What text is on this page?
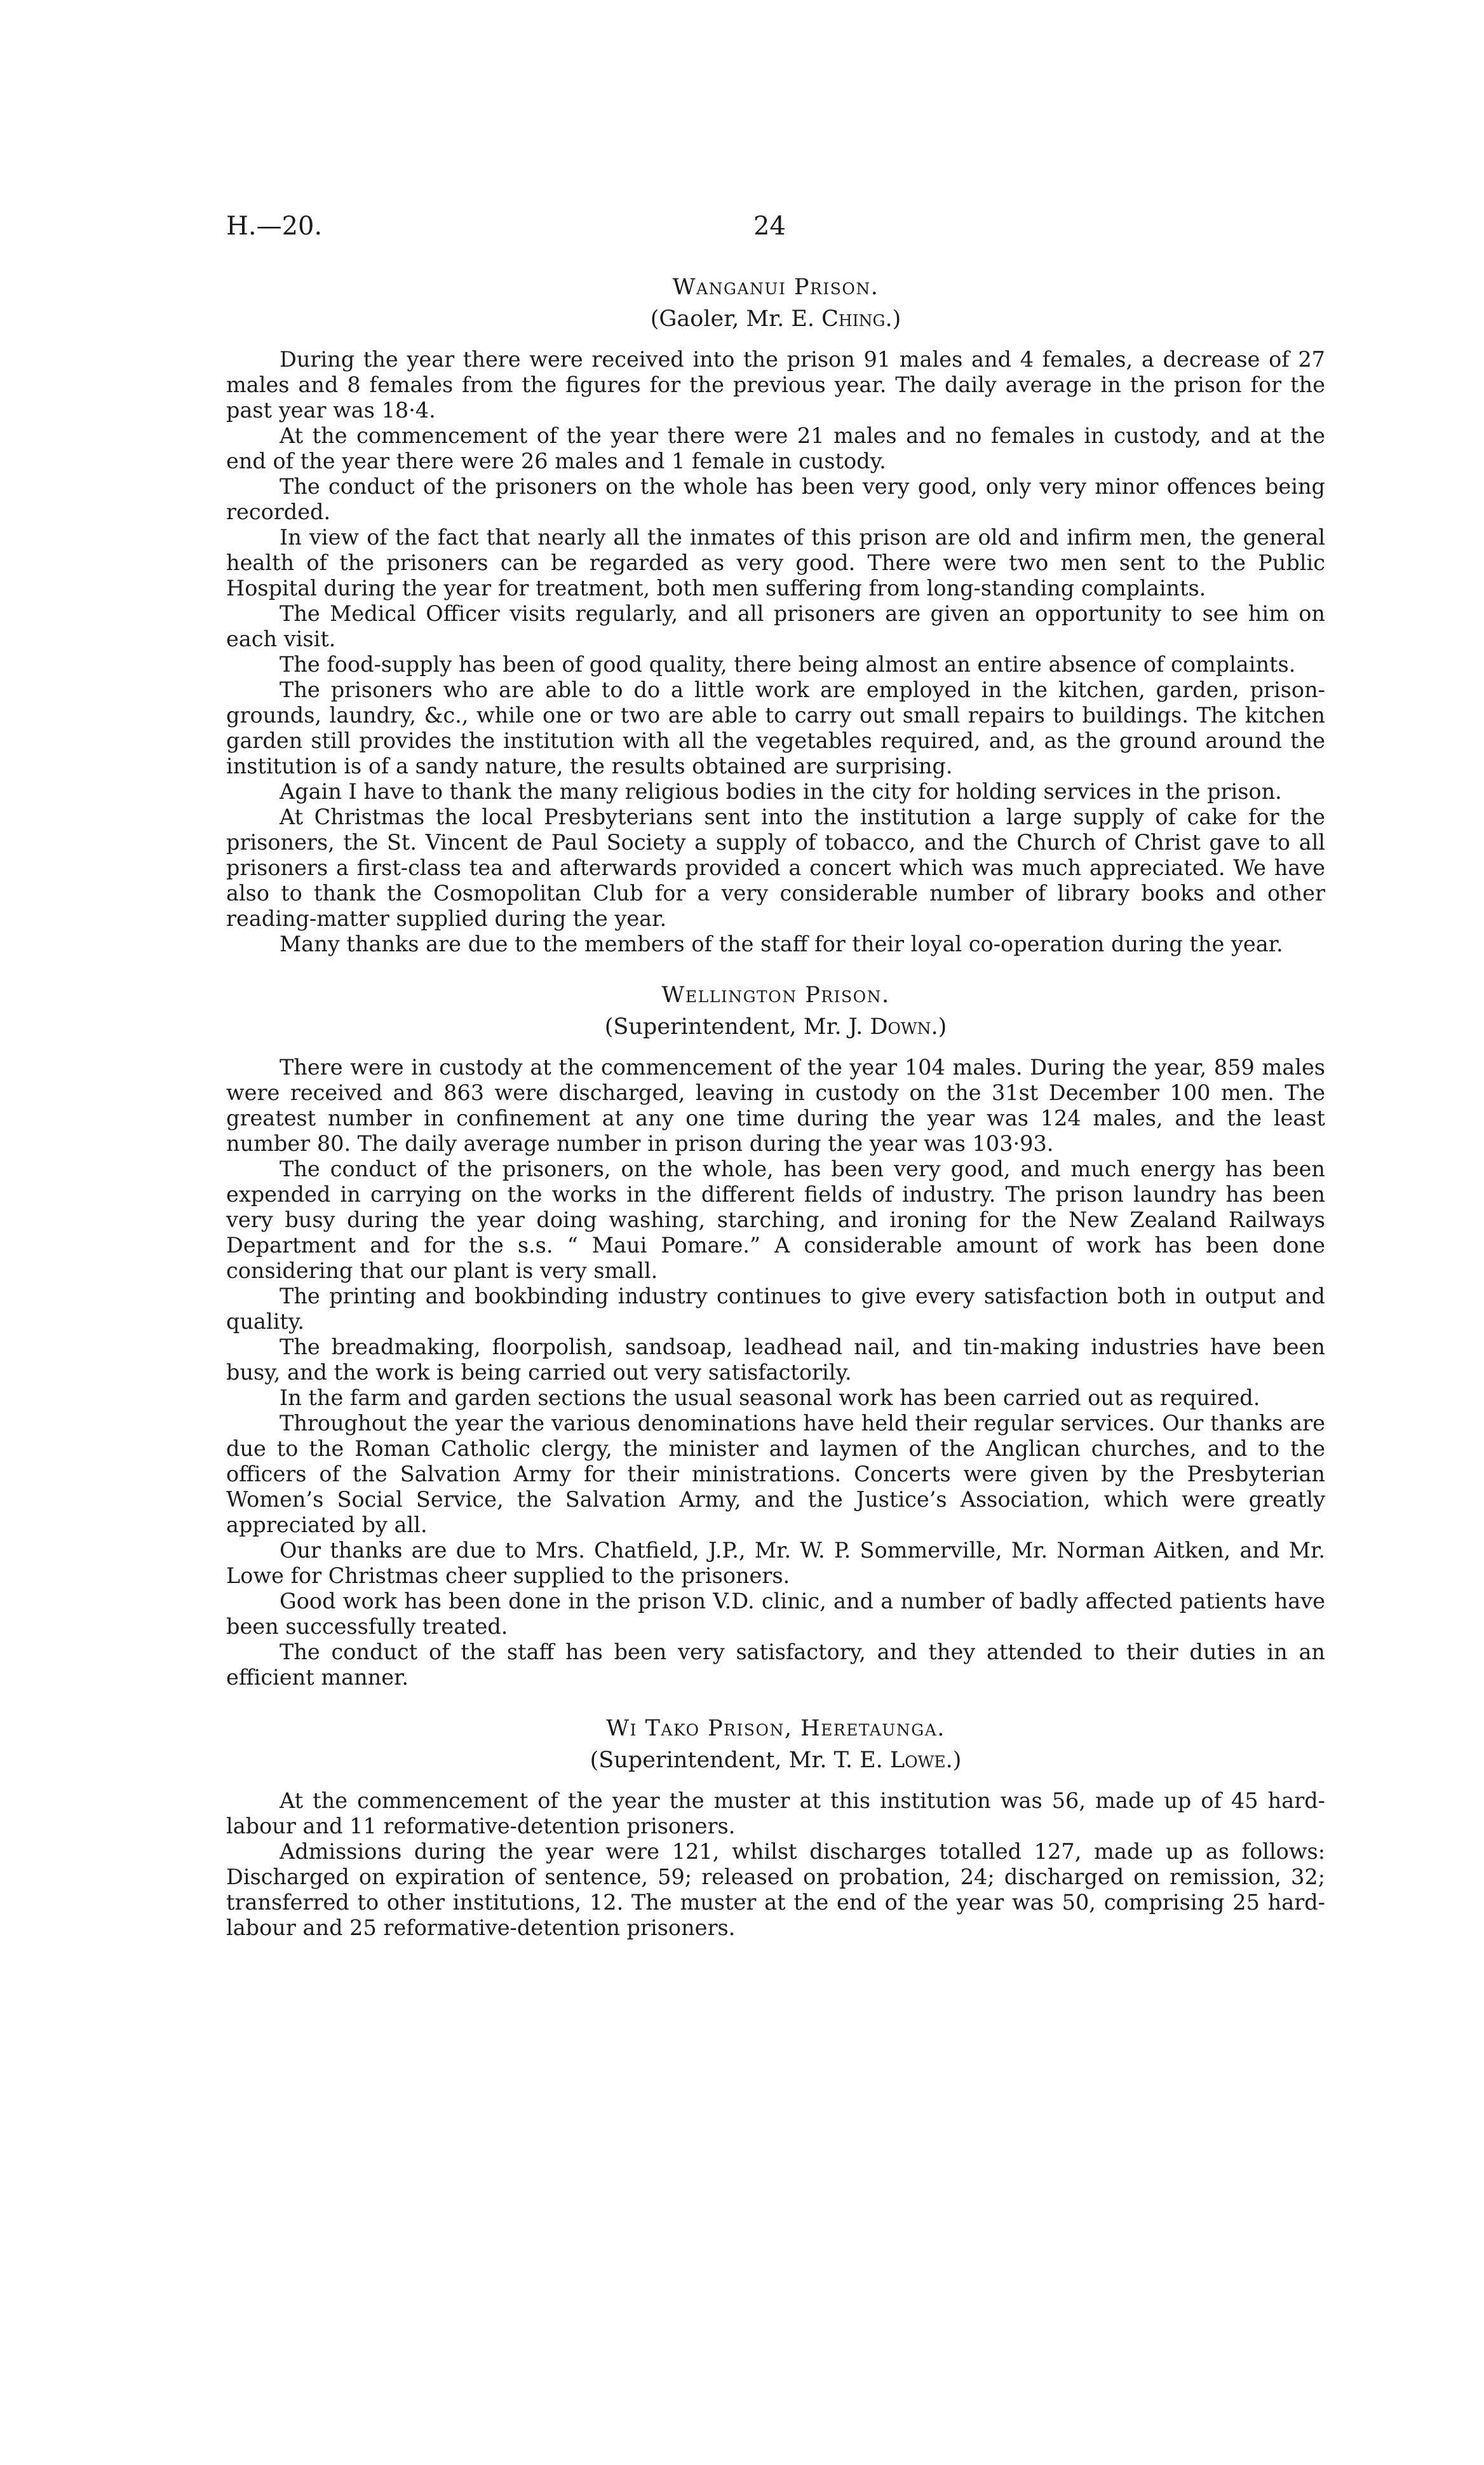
H.—20.	24

Wanganui Prison.

(Gaoler, Mr. E. Ching.)

During the year there were received into the prison 91 males and 4 females, a decrease of 27 males and 8 females from the figures for the previous year. The daily average in the prison for the past year was 18·4.

At the commencement of the year there were 21 males and no females in custody, and at the end of the year there were 26 males and 1 female in custody.

The conduct of the prisoners on the whole has been very good, only very minor offences being recorded.

In view of the fact that nearly all the inmates of this prison are old and infirm men, the general health of the prisoners can be regarded as very good. There were two men sent to the Public Hospital during the year for treatment, both men suffering from long-standing complaints.

The Medical Officer visits regularly, and all prisoners are given an opportunity to see him on each visit.

The food-supply has been of good quality, there being almost an entire absence of complaints.

The prisoners who are able to do a little work are employed in the kitchen, garden, prison-grounds, laundry, &c., while one or two are able to carry out small repairs to buildings. The kitchen garden still provides the institution with all the vegetables required, and, as the ground around the institution is of a sandy nature, the results obtained are surprising.

Again I have to thank the many religious bodies in the city for holding services in the prison.

At Christmas the local Presbyterians sent into the institution a large supply of cake for the prisoners, the St. Vincent de Paul Society a supply of tobacco, and the Church of Christ gave to all prisoners a first-class tea and afterwards provided a concert which was much appreciated. We have also to thank the Cosmopolitan Club for a very considerable number of library books and other reading-matter supplied during the year.

Many thanks are due to the members of the staff for their loyal co-operation during the year.

Wellington Prison.

(Superintendent, Mr. J. Down.)

There were in custody at the commencement of the year 104 males. During the year, 859 males were received and 863 were discharged, leaving in custody on the 31st December 100 men. The greatest number in confinement at any one time during the year was 124 males, and the least number 80. The daily average number in prison during the year was 103·93.

The conduct of the prisoners, on the whole, has been very good, and much energy has been expended in carrying on the works in the different fields of industry. The prison laundry has been very busy during the year doing washing, starching, and ironing for the New Zealand Railways Department and for the s.s. “ Maui Pomare.” A considerable amount of work has been done considering that our plant is very small.

The printing and bookbinding industry continues to give every satisfaction both in output and quality.

The breadmaking, floorpolish, sandsoap, leadhead nail, and tin-making industries have been busy, and the work is being carried out very satisfactorily.

In the farm and garden sections the usual seasonal work has been carried out as required.

Throughout the year the various denominations have held their regular services. Our thanks are due to the Roman Catholic clergy, the minister and laymen of the Anglican churches, and to the officers of the Salvation Army for their ministrations. Concerts were given by the Presbyterian Women’s Social Service, the Salvation Army, and the Justice’s Association, which were greatly appreciated by all.

Our thanks are due to Mrs. Chatfield, J.P., Mr. W. P. Sommerville, Mr. Norman Aitken, and Mr. Lowe for Christmas cheer supplied to the prisoners.

Good work has been done in the prison V.D. clinic, and a number of badly affected patients have been successfully treated.

The conduct of the staff has been very satisfactory, and they attended to their duties in an efficient manner.

Wi Tako Prison, Heretaunga.

(Superintendent, Mr. T. E. Lowe.)

At the commencement of the year the muster at this institution was 56, made up of 45 hard-labour and 11 reformative-detention prisoners.

Admissions during the year were 121, whilst discharges totalled 127, made up as follows: Discharged on expiration of sentence, 59; released on probation, 24; discharged on remission, 32; transferred to other institutions, 12. The muster at the end of the year was 50, comprising 25 hard-labour and 25 reformative-detention prisoners.
